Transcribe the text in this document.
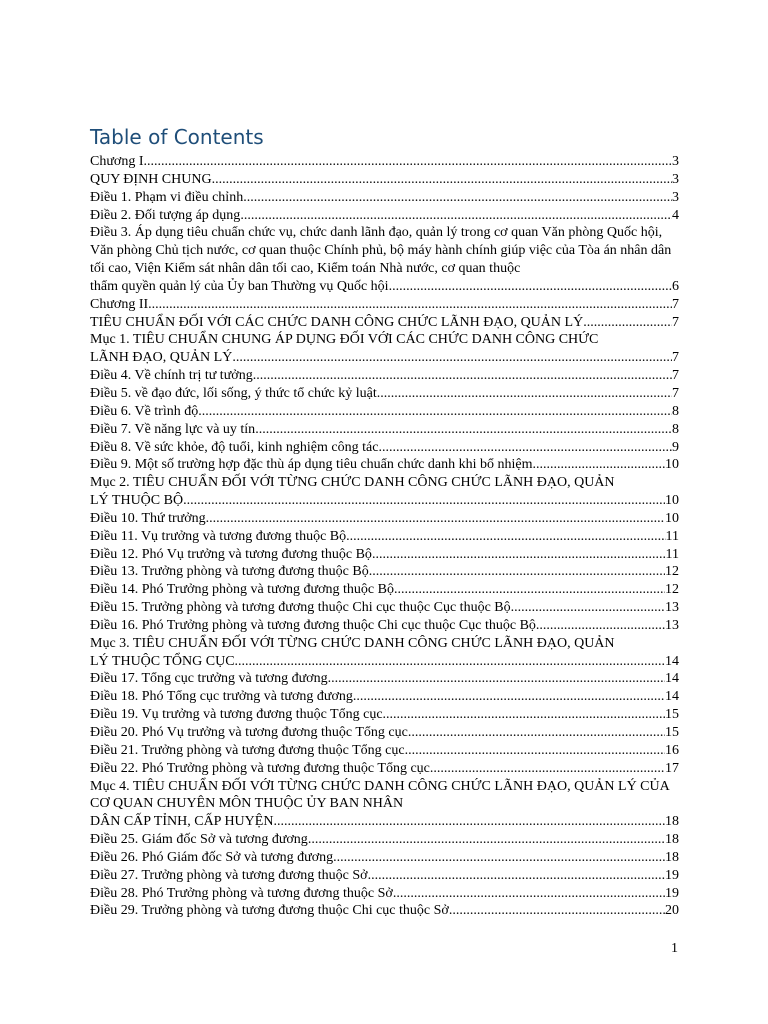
Table of Contents
Chương I .....	3
QUY ĐỊNH CHUNG .....	3
Điều 1. Phạm vi điều chỉnh .....	3
Điều 2. Đối tượng áp dụng .....	4
Điều 3. Áp dụng tiêu chuẩn chức vụ, chức danh lãnh đạo, quản lý trong cơ quan Văn phòng Quốc hội, Văn phòng Chủ tịch nước, cơ quan thuộc Chính phủ, bộ máy hành chính giúp việc của Tòa án nhân dân tối cao, Viện Kiểm sát nhân dân tối cao, Kiểm toán Nhà nước, cơ quan thuộc
thẩm quyền quản lý của Ủy ban Thường vụ Quốc hội .....	6
Chương II .....	7
TIÊU CHUẨN ĐỐI VỚI CÁC CHỨC DANH CÔNG CHỨC LÃNH ĐẠO, QUẢN LÝ .....	7
Mục 1. TIÊU CHUẨN CHUNG ÁP DỤNG ĐỐI VỚI CÁC CHỨC DANH CÔNG CHỨC
LÃNH ĐẠO, QUẢN LÝ .....	7
Điều 4. Về chính trị tư tưởng .....	7
Điều 5. về đạo đức, lối sống, ý thức tổ chức kỷ luật .....	7
Điều 6. Về trình độ .....	8
Điều 7. Về năng lực và uy tín .....	8
Điều 8. Về sức khỏe, độ tuổi, kinh nghiệm công tác .....	9
Điều 9. Một số trường hợp đặc thù áp dụng tiêu chuẩn chức danh khi bổ nhiệm .....	10
Mục 2. TIÊU CHUẨN ĐỐI VỚI TỪNG CHỨC DANH CÔNG CHỨC LÃNH ĐẠO, QUẢN
LÝ THUỘC BỘ .....	10
Điều 10. Thứ trưởng .....	10
Điều 11. Vụ trưởng và tương đương thuộc Bộ .....	11
Điều 12. Phó Vụ trưởng và tương đương thuộc Bộ .....	11
Điều 13. Trưởng phòng và tương đương thuộc Bộ .....	12
Điều 14. Phó Trưởng phòng và tương đương thuộc Bộ .....	12
Điều 15. Trưởng phòng và tương đương thuộc Chi cục thuộc Cục thuộc Bộ .....	13
Điều 16. Phó Trưởng phòng và tương đương thuộc Chi cục thuộc Cục thuộc Bộ .....	13
Mục 3. TIÊU CHUẨN ĐỐI VỚI TỪNG CHỨC DANH CÔNG CHỨC LÃNH ĐẠO, QUẢN
LÝ THUỘC TỔNG CỤC .....	14
Điều 17. Tổng cục trưởng và tương đương .....	14
Điều 18. Phó Tổng cục trưởng và tương đương .....	14
Điều 19. Vụ trưởng và tương đương thuộc Tổng cục .....	15
Điều 20. Phó Vụ trưởng và tương đương thuộc Tổng cục .....	15
Điều 21. Trưởng phòng và tương đương thuộc Tổng cục .....	16
Điều 22. Phó Trưởng phòng và tương đương thuộc Tổng cục .....	17
Mục 4. TIÊU CHUẨN ĐỐI VỚI TỪNG CHỨC DANH CÔNG CHỨC LÃNH ĐẠO, QUẢN LÝ CỦA CƠ QUAN CHUYÊN MÔN THUỘC ỦY BAN NHÂN
DÂN CẤP TỈNH, CẤP HUYỆN .....	18
Điều 25. Giám đốc Sở và tương đương .....	18
Điều 26. Phó Giám đốc Sở và tương đương .....	18
Điều 27. Trưởng phòng và tương đương thuộc Sở .....	19
Điều 28. Phó Trưởng phòng và tương đương thuộc Sở .....	19
Điều 29. Trưởng phòng và tương đương thuộc Chi cục thuộc Sở .....	20
1
